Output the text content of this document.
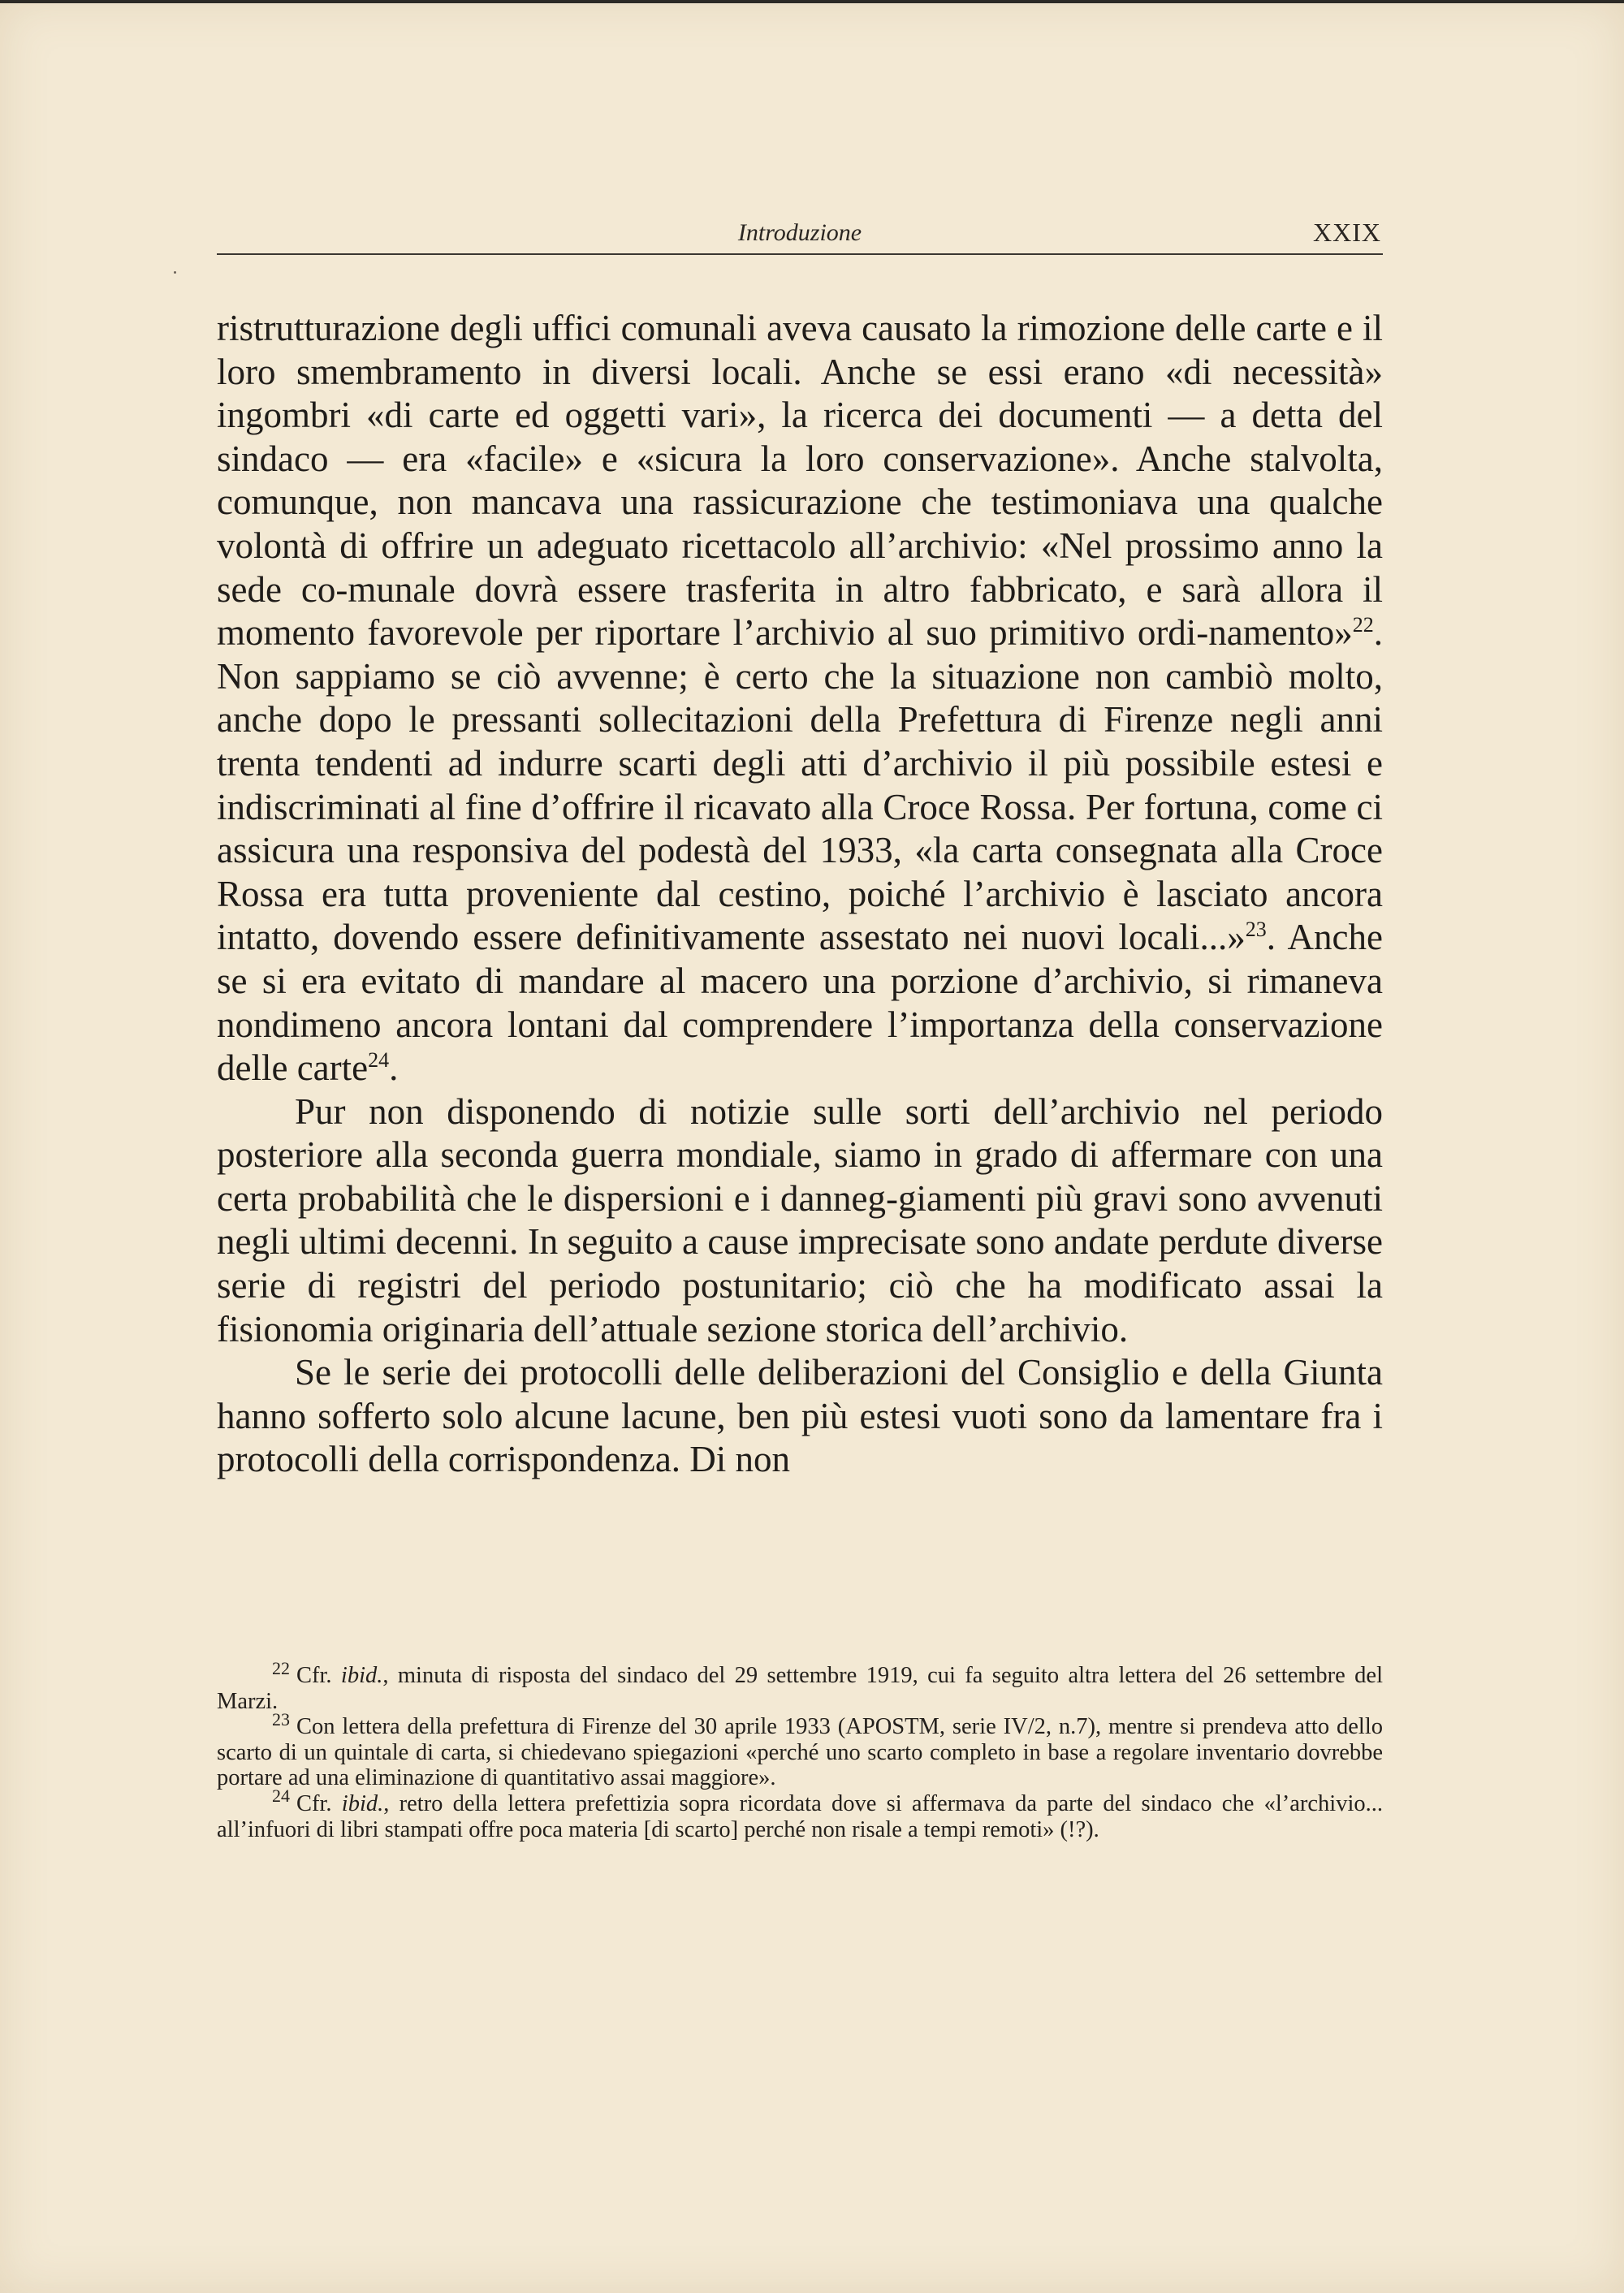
Introduzione	XXIX

ristrutturazione degli uffici comunali aveva causato la rimozione delle carte e il loro smembramento in diversi locali. Anche se essi erano «di necessità» ingombri «di carte ed oggetti vari», la ricerca dei documenti — a detta del sindaco — era «facile» e «sicura la loro conservazione». Anche stalvolta, comunque, non mancava una rassicurazione che testimoniava una qualche volontà di offrire un adeguato ricettacolo all’archivio: «Nel prossimo anno la sede co-munale dovrà essere trasferita in altro fabbricato, e sarà allora il momento favorevole per riportare l’archivio al suo primitivo ordi-namento»$^{22}$. Non sappiamo se ciò avvenne; è certo che la situazione non cambiò molto, anche dopo le pressanti sollecitazioni della Prefettura di Firenze negli anni trenta tendenti ad indurre scarti degli atti d’archivio il più possibile estesi e indiscriminati al fine d’offrire il ricavato alla Croce Rossa. Per fortuna, come ci assicura una responsiva del podestà del 1933, «la carta consegnata alla Croce Rossa era tutta proveniente dal cestino, poiché l’archivio è lasciato ancora intatto, dovendo essere definitivamente assestato nei nuovi locali...»$^{23}$. Anche se si era evitato di mandare al macero una porzione d’archivio, si rimaneva nondimeno ancora lontani dal comprendere l’importanza della conservazione delle carte$^{24}$.

Pur non disponendo di notizie sulle sorti dell’archivio nel periodo posteriore alla seconda guerra mondiale, siamo in grado di affermare con una certa probabilità che le dispersioni e i danneg-giamenti più gravi sono avvenuti negli ultimi decenni. In seguito a cause imprecisate sono andate perdute diverse serie di registri del periodo postunitario; ciò che ha modificato assai la fisionomia originaria dell’attuale sezione storica dell’archivio.

Se le serie dei protocolli delle deliberazioni del Consiglio e della Giunta hanno sofferto solo alcune lacune, ben più estesi vuoti sono da lamentare fra i protocolli della corrispondenza. Di non

$^{22}$ Cfr. ibid., minuta di risposta del sindaco del 29 settembre 1919, cui fa seguito altra lettera del 26 settembre del Marzi.

$^{23}$ Con lettera della prefettura di Firenze del 30 aprile 1933 (APOSTM, serie IV/2, n.7), mentre si prendeva atto dello scarto di un quintale di carta, si chiedevano spiegazioni «perché uno scarto completo in base a regolare inventario dovrebbe portare ad una eliminazione di quantitativo assai maggiore».

$^{24}$ Cfr. ibid., retro della lettera prefettizia sopra ricordata dove si affermava da parte del sindaco che «l’archivio... all’infuori di libri stampati offre poca materia [di scarto] perché non risale a tempi remoti» (!?).
